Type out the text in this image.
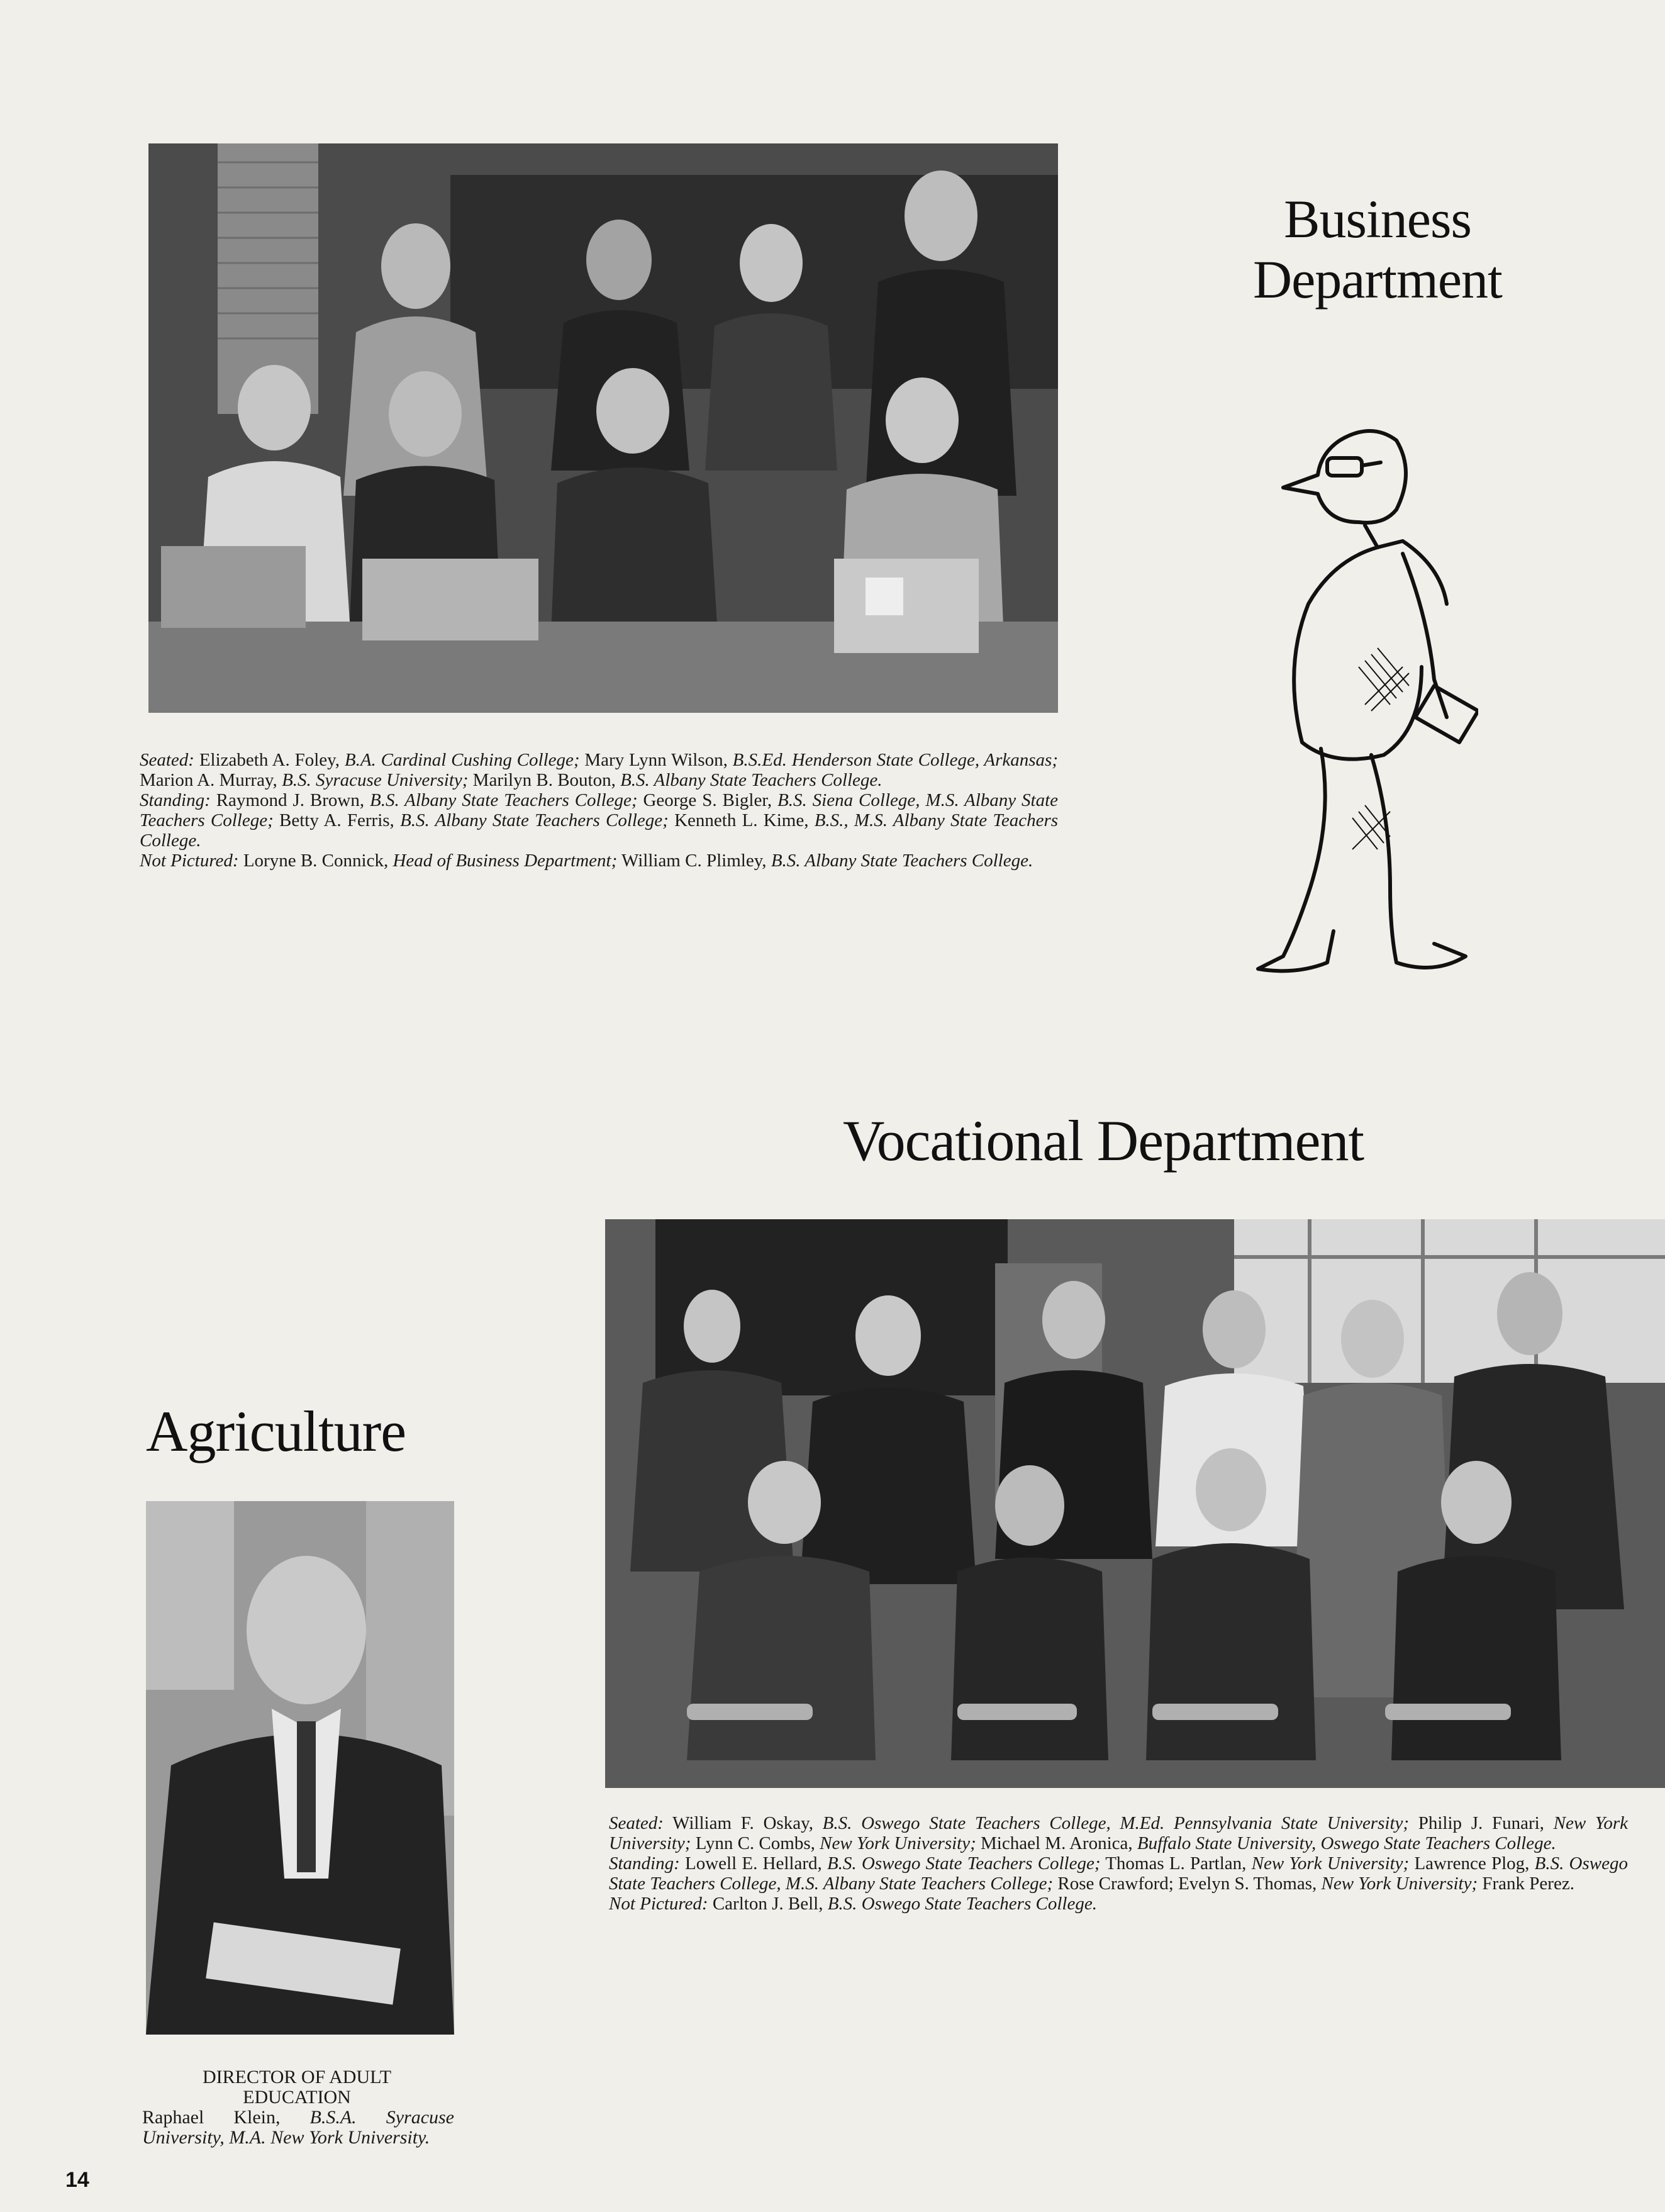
Business
Department

Seated: Elizabeth A. Foley, B.A. Cardinal Cushing College; Mary Lynn Wilson, B.S.Ed. Henderson State College, Arkansas; Marion A. Murray, B.S. Syracuse University; Marilyn B. Bouton, B.S. Albany State Teachers College.

Standing: Raymond J. Brown, B.S. Albany State Teachers College; George S. Bigler, B.S. Siena College, M.S. Albany State Teachers College; Betty A. Ferris, B.S. Albany State Teachers College; Kenneth L. Kime, B.S., M.S. Albany State Teachers College.

Not Pictured: Loryne B. Connick, Head of Business Department; William C. Plimley, B.S. Albany State Teachers College.

Vocational Department
Agriculture

Seated: William F. Oskay, B.S. Oswego State Teachers College, M.Ed. Pennsylvania State University; Philip J. Funari, New York University; Lynn C. Combs, New York University; Michael M. Aronica, Buffalo State University, Oswego State Teachers College.

Standing: Lowell E. Hellard, B.S. Oswego State Teachers College; Thomas L. Partlan, New York University; Lawrence Plog, B.S. Oswego State Teachers College, M.S. Albany State Teachers College; Rose Crawford; Evelyn S. Thomas, New York University; Frank Perez.

Not Pictured: Carlton J. Bell, B.S. Oswego State Teachers College.

DIRECTOR OF ADULT
EDUCATION
Raphael Klein, B.S.A. Syracuse University, M.A. New York University.
14
